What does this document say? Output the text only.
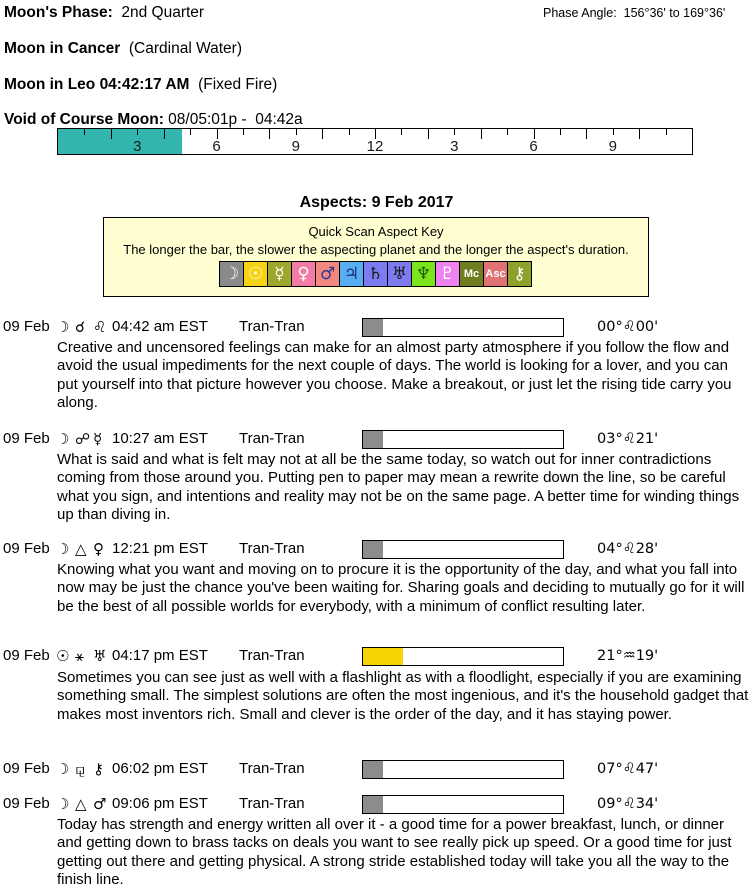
Moon's Phase:  2nd Quarter	Phase Angle:  156°36' to 169°36'
Moon in Cancer  (Cardinal Water)
Moon in Leo 04:42:17 AM  (Fixed Fire)
Void of Course Moon: 08/05:01p -  04:42a
3	6	9	12	3	6	9
Aspects: 9 Feb 2017
Quick Scan Aspect Key
The longer the bar, the slower the aspecting planet and the longer the aspect's duration.
☽ ☉ ☿ ♀ ♂ ♃ ♄ ♅ ♆ ♇ Mc Asc ⚷
09 Feb ☽ ☌ ♌ 04:42 am EST Tran-Tran	00°♌00'
Creative and uncensored feelings can make for an almost party atmosphere if you follow the flow and avoid the usual impediments for the next couple of days. The world is looking for a lover, and you can put yourself into that picture however you choose. Make a breakout, or just let the rising tide carry you along.
09 Feb ☽ ☍ ☿ 10:27 am EST Tran-Tran	03°♌21'
What is said and what is felt may not at all be the same today, so watch out for inner contradictions coming from those around you. Putting pen to paper may mean a rewrite down the line, so be careful what you sign, and intentions and reality may not be on the same page. A better time for winding things up than diving in.
09 Feb ☽ △ ♀ 12:21 pm EST Tran-Tran	04°♌28'
Knowing what you want and moving on to procure it is the opportunity of the day, and what you fall into now may be just the chance you've been waiting for. Sharing goals and deciding to mutually go for it will be the best of all possible worlds for everybody, with a minimum of conflict resulting later.
09 Feb ☉ ⚹ ♅ 04:17 pm EST Tran-Tran	21°♒19'
Sometimes you can see just as well with a flashlight as with a floodlight, especially if you are examining something small. The simplest solutions are often the most ingenious, and it's the household gadget that makes most inventors rich. Small and clever is the order of the day, and it has staying power.
09 Feb ☽ ⚼ ⚷ 06:02 pm EST Tran-Tran	07°♌47'
09 Feb ☽ △ ♂ 09:06 pm EST Tran-Tran	09°♌34'
Today has strength and energy written all over it - a good time for a power breakfast, lunch, or dinner and getting down to brass tacks on deals you want to see really pick up speed. Or a good time for just getting out there and getting physical. A strong stride established today will take you all the way to the finish line.
